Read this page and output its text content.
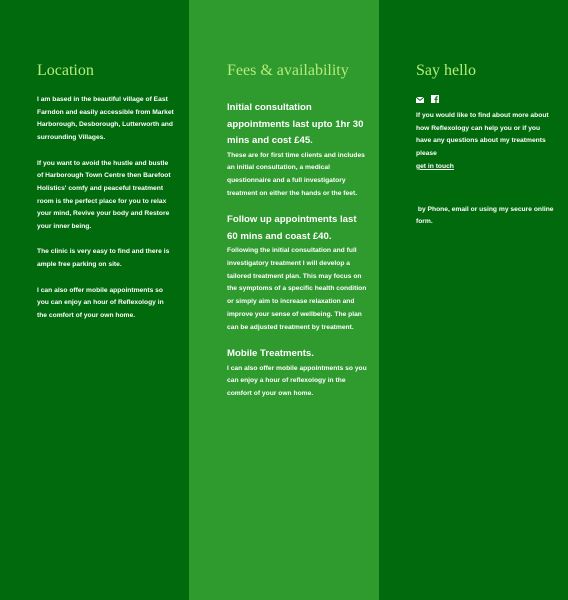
Location

I am based in the beautiful village of East Farndon and easily accessible from Market Harborough, Desborough, Lutterworth and surrounding Villages.

If you want to avoid the hustle and bustle of Harborough Town Centre then Barefoot Holistics' comfy and peaceful treatment room is the perfect place for you to relax your mind, Revive your body and Restore your inner being.

The clinic is very easy to find and there is ample free parking on site.

I can also offer mobile appointments so you can enjoy an hour of Reflexology in the comfort of your own home.

Fees & availability
Initial consultation appointments last upto 1hr 30 mins and cost £45.

These are for first time clients and includes an initial consultation, a medical questionnaire and a full investigatory treatment on either the hands or the feet.

Follow up appointments last 60 mins and coast £40.

Following the initial consultation and full investigatory treatment I will develop a tailored treatment plan. This may focus on the symptoms of a specific health condition or simply aim to increase relaxation and improve your sense of wellbeing. The plan can be adjusted treatment by treatment.

Mobile Treatments.

I can also offer mobile appointments so you can enjoy a hour of reflexology in the comfort of your own home.

Say hello

If you would like to find about more about how Reflexology can help you or if you have any questions about my treatments please

get in touch

by Phone, email or using my secure online form.
